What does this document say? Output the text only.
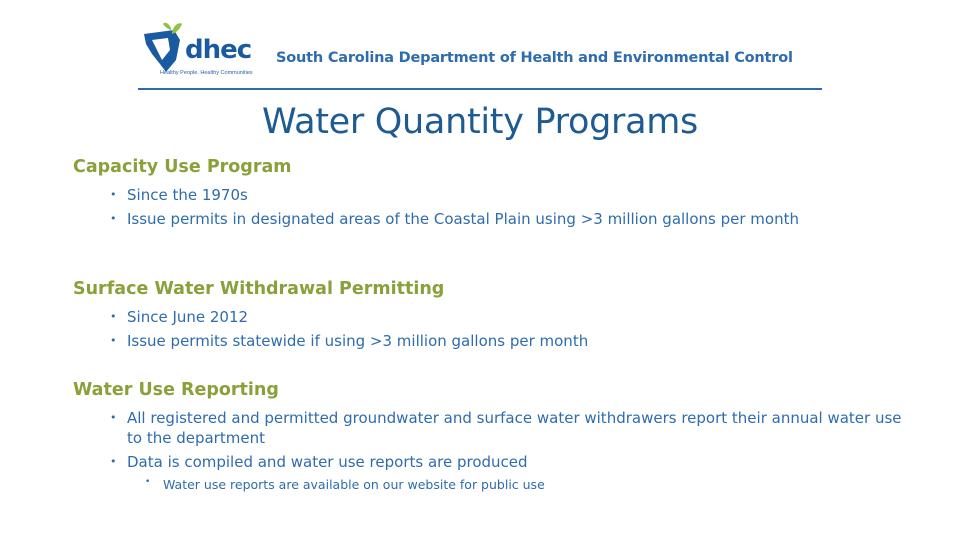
dhec
Healthy People. Healthy Communities
South Carolina Department of Health and Environmental Control
Water Quantity Programs
Capacity Use Program
• Since the 1970s
• Issue permits in designated areas of the Coastal Plain using >3 million gallons per month
Surface Water Withdrawal Permitting
• Since June 2012
• Issue permits statewide if using >3 million gallons per month
Water Use Reporting
• All registered and permitted groundwater and surface water withdrawers report their annual water use to the department
• Data is compiled and water use reports are produced
• Water use reports are available on our website for public use
